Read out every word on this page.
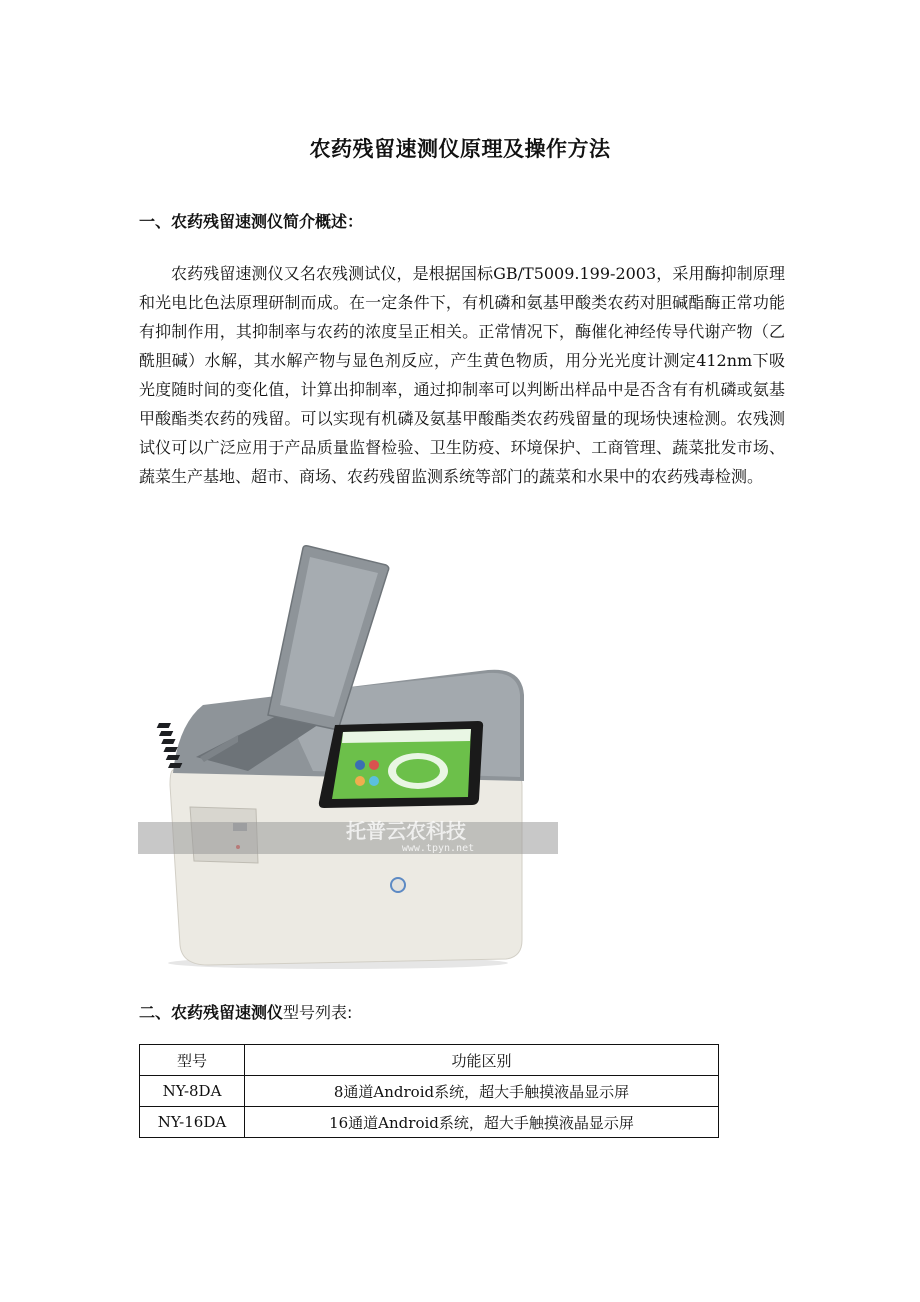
农药残留速测仪原理及操作方法
一、农药残留速测仪简介概述：

农药残留速测仪又名农残测试仪，是根据国标GB/T5009.199-2003，采用酶抑制原理和光电比色法原理研制而成。在一定条件下，有机磷和氨基甲酸类农药对胆碱酯酶正常功能有抑制作用，其抑制率与农药的浓度呈正相关。正常情况下，酶催化神经传导代谢产物（乙酰胆碱）水解，其水解产物与显色剂反应，产生黄色物质，用分光光度计测定412nm下吸光度随时间的变化值，计算出抑制率，通过抑制率可以判断出样品中是否含有有机磷或氨基甲酸酯类农药的残留。可以实现有机磷及氨基甲酸酯类农药残留量的现场快速检测。农残测试仪可以广泛应用于产品质量监督检验、卫生防疫、环境保护、工商管理、蔬菜批发市场、蔬菜生产基地、超市、商场、农药残留监测系统等部门的蔬菜和水果中的农药残毒检测。

托普云农科技
www.tpyn.net
二、农药残留速测仪型号列表:
型号	功能区别
NY-8DA	8通道Android系统，超大手触摸液晶显示屏
NY-16DA	16通道Android系统，超大手触摸液晶显示屏
